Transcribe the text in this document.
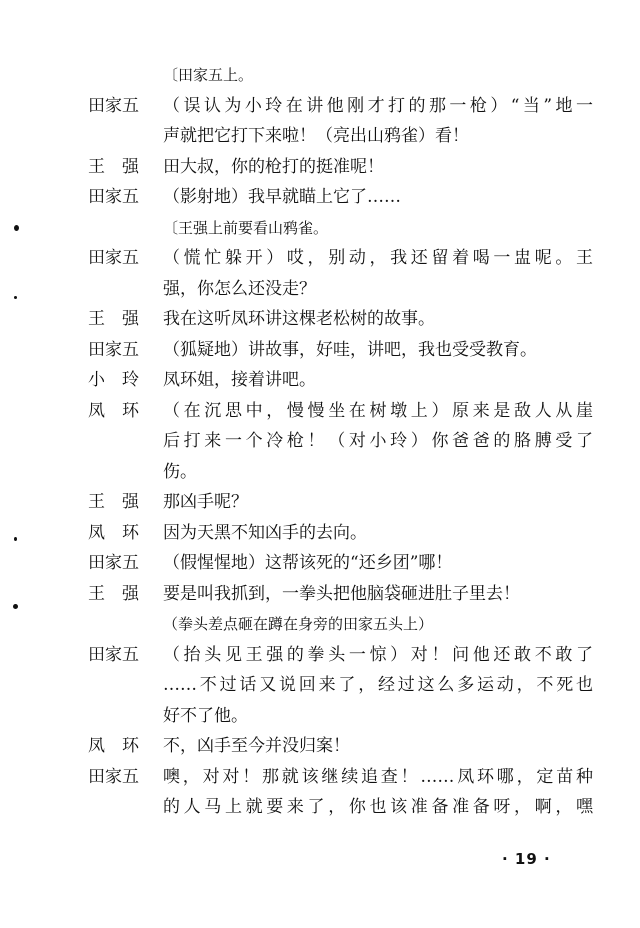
〔田家五上。
田家五	（误认为小玲在讲他刚才打的那一枪）“当”地一
声就把它打下来啦！（亮出山鸦雀）看！
王　强	田大叔，你的枪打的挺准呢！
田家五	（影射地）我早就瞄上它了……
〔王强上前要看山鸦雀。
田家五	（慌忙躲开）哎，别动，我还留着喝一盅呢。王
强，你怎么还没走？
王　强	我在这听凤环讲这棵老松树的故事。
田家五	（狐疑地）讲故事，好哇，讲吧，我也受受教育。
小　玲	凤环姐，接着讲吧。
凤　环	（在沉思中，慢慢坐在树墩上）原来是敌人从崖
后打来一个冷枪！（对小玲）你爸爸的胳膊受了
伤。
王　强	那凶手呢？
凤　环	因为天黑不知凶手的去向。
田家五	（假惺惺地）这帮该死的“还乡团”哪！
王　强	要是叫我抓到，一拳头把他脑袋砸进肚子里去！
（拳头差点砸在蹲在身旁的田家五头上）
田家五	（抬头见王强的拳头一惊）对！问他还敢不敢了
……不过话又说回来了，经过这么多运动，不死也
好不了他。
凤　环	不，凶手至今并没归案！
田家五	噢，对对！那就该继续追查！……凤环哪，定苗种
的人马上就要来了，你也该准备准备呀，啊，嘿
· 19 ·
